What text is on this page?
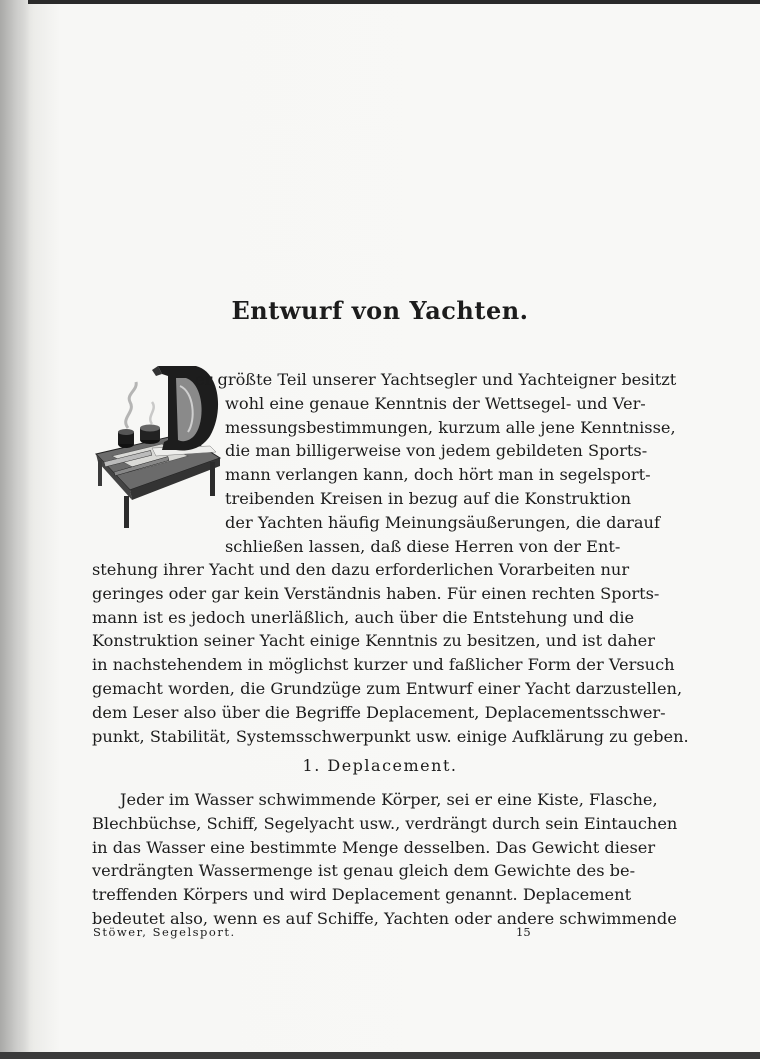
Entwurf von Yachten.
er größte Teil unserer Yachtsegler und Yachteigner besitzt
wohl eine genaue Kenntnis der Wettsegel- und Ver-
messungsbestimmungen, kurzum alle jene Kenntnisse,
die man billigerweise von jedem gebildeten Sports-
mann verlangen kann, doch hört man in segelsport-
treibenden Kreisen in bezug auf die Konstruktion
der Yachten häufig Meinungsäußerungen, die darauf
schließen lassen, daß diese Herren von der Ent-
stehung ihrer Yacht und den dazu erforderlichen Vorarbeiten nur
geringes oder gar kein Verständnis haben. Für einen rechten Sports-
mann ist es jedoch unerläßlich, auch über die Entstehung und die
Konstruktion seiner Yacht einige Kenntnis zu besitzen, und ist daher
in nachstehendem in möglichst kurzer und faßlicher Form der Versuch
gemacht worden, die Grundzüge zum Entwurf einer Yacht darzustellen,
dem Leser also über die Begriffe Deplacement, Deplacementsschwer-
punkt, Stabilität, Systemsschwerpunkt usw. einige Aufklärung zu geben.
1. Deplacement.
Jeder im Wasser schwimmende Körper, sei er eine Kiste, Flasche,
Blechbüchse, Schiff, Segelyacht usw., verdrängt durch sein Eintauchen
in das Wasser eine bestimmte Menge desselben. Das Gewicht dieser
verdrängten Wassermenge ist genau gleich dem Gewichte des be-
treffenden Körpers und wird Deplacement genannt. Deplacement
bedeutet also, wenn es auf Schiffe, Yachten oder andere schwimmende
Stöwer, Segelsport.	15
